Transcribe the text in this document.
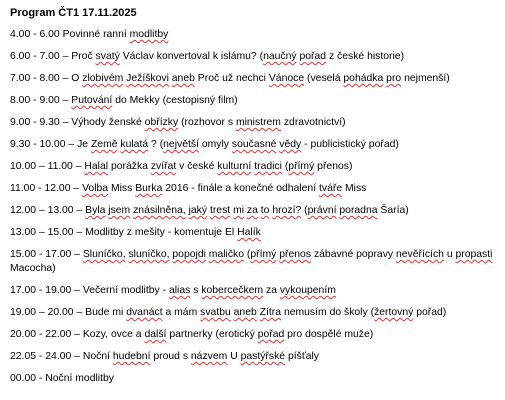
Program ČT1 17.11.2025
4.00 - 6.00 Povinné ranní modlitby
6.00 - 7.00 – Proč svatý Václav konvertoval k islámu? (naučný pořad z české historie)
7.00 - 8.00 – O zlobivém Ježíškovi aneb Proč už nechci Vánoce (veselá pohádka pro nejmenší)
8.00 - 9.00 – Putování do Mekky (cestopisný film)
9.00 - 9.30 – Výhody ženské obřízky (rozhovor s ministrem zdravotnictví)
9.30 - 10.00 – Je Země kulatá ? (největší omyly současné vědy - publicistický pořad)
10.00 – 11.00 – Halal porážka zvířat v české kulturní tradici (přímý přenos)
11.00 - 12.00 – Volba Miss Burka 2016 - finále a konečné odhalení tváře Miss
12.00 – 13.00 – Byla jsem znásilněna, jaký trest mi za to hrozí? (právní poradna Šaría)
13.00 – 15.00 – Modlitby z mešity - komentuje El Halík
15.00 - 17.00 – Sluníčko, sluníčko, popojdi maličko (přímý přenos zábavné popravy nevěřících u propasti Macocha)
17.00 - 19.00 – Večerní modlitby - alias s kobercečkem za vykoupením
19.00 – 20.00 – Bude mi dvanáct a mám svatbu aneb Zítra nemusím do školy (žertovný pořad)
20.00 - 22.00 – Kozy, ovce a další partnerky (erotický pořad pro dospělé muže)
22.05 - 24.00 – Noční hudební proud s názvem U pastýřské píšťaly
00.00 - Noční modlitby
